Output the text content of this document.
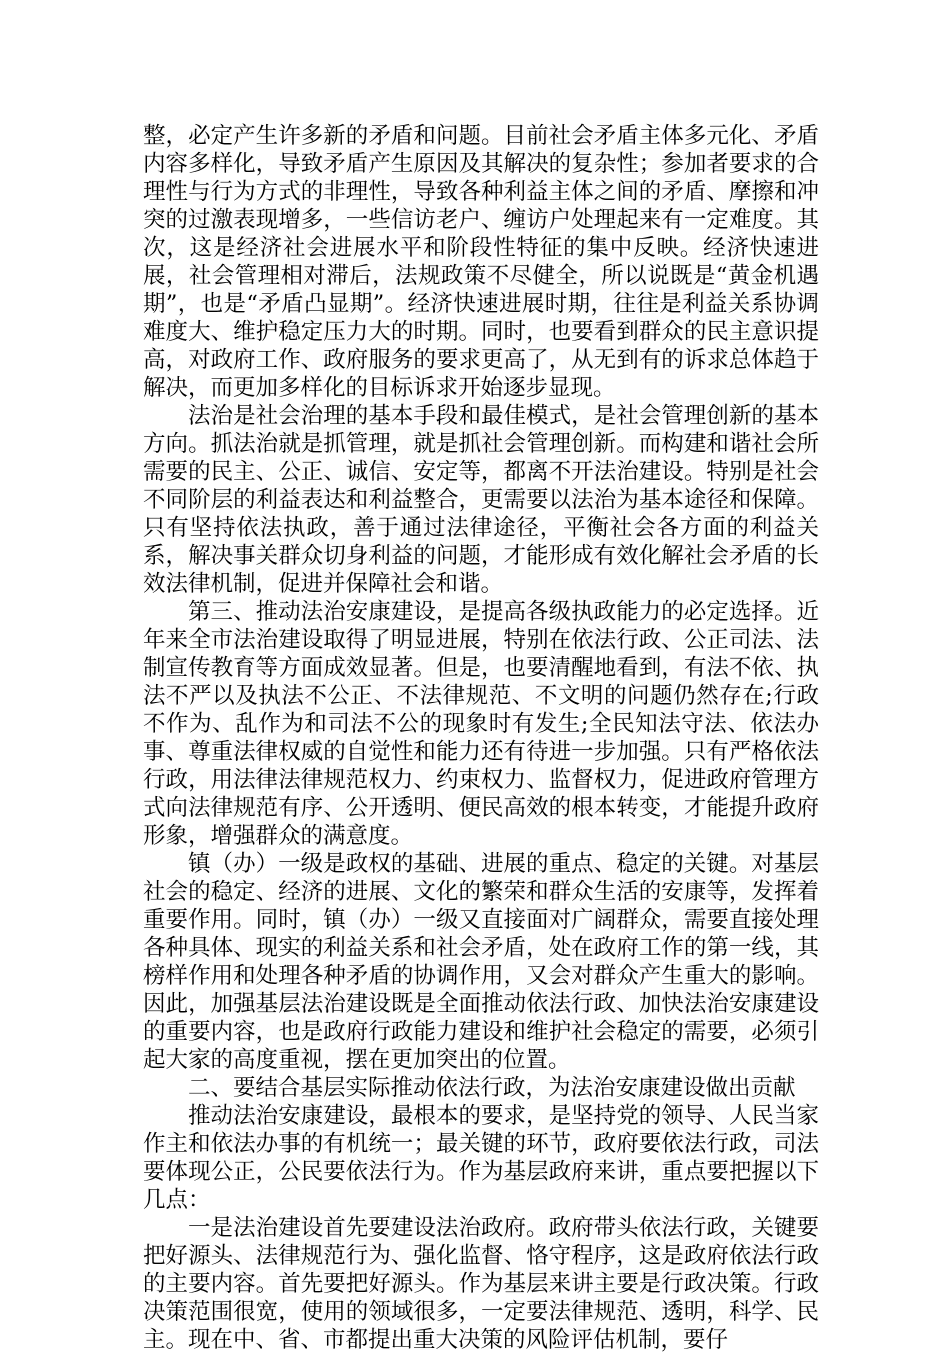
整，必定产生许多新的矛盾和问题。目前社会矛盾主体多元化、矛盾内容多样化，导致矛盾产生原因及其解决的复杂性；参加者要求的合理性与行为方式的非理性，导致各种利益主体之间的矛盾、摩擦和冲突的过激表现增多，一些信访老户、缠访户处理起来有一定难度。其次，这是经济社会进展水平和阶段性特征的集中反映。经济快速进展，社会管理相对滞后，法规政策不尽健全，所以说既是“黄金机遇期”，也是“矛盾凸显期”。经济快速进展时期，往往是利益关系协调难度大、维护稳定压力大的时期。同时，也要看到群众的民主意识提高，对政府工作、政府服务的要求更高了，从无到有的诉求总体趋于解决，而更加多样化的目标诉求开始逐步显现。

法治是社会治理的基本手段和最佳模式，是社会管理创新的基本方向。抓法治就是抓管理，就是抓社会管理创新。而构建和谐社会所需要的民主、公正、诚信、安定等，都离不开法治建设。特别是社会不同阶层的利益表达和利益整合，更需要以法治为基本途径和保障。只有坚持依法执政，善于通过法律途径，平衡社会各方面的利益关系，解决事关群众切身利益的问题，才能形成有效化解社会矛盾的长效法律机制，促进并保障社会和谐。

第三、推动法治安康建设，是提高各级执政能力的必定选择。近年来全市法治建设取得了明显进展，特别在依法行政、公正司法、法制宣传教育等方面成效显著。但是，也要清醒地看到，有法不依、执法不严以及执法不公正、不法律规范、不文明的问题仍然存在;行政不作为、乱作为和司法不公的现象时有发生;全民知法守法、依法办事、尊重法律权威的自觉性和能力还有待进一步加强。只有严格依法行政，用法律法律规范权力、约束权力、监督权力，促进政府管理方式向法律规范有序、公开透明、便民高效的根本转变，才能提升政府形象，增强群众的满意度。

镇（办）一级是政权的基础、进展的重点、稳定的关键。对基层社会的稳定、经济的进展、文化的繁荣和群众生活的安康等，发挥着重要作用。同时，镇（办）一级又直接面对广阔群众，需要直接处理各种具体、现实的利益关系和社会矛盾，处在政府工作的第一线，其榜样作用和处理各种矛盾的协调作用，又会对群众产生重大的影响。因此，加强基层法治建设既是全面推动依法行政、加快法治安康建设的重要内容，也是政府行政能力建设和维护社会稳定的需要，必须引起大家的高度重视，摆在更加突出的位置。

二、要结合基层实际推动依法行政，为法治安康建设做出贡献

推动法治安康建设，最根本的要求，是坚持党的领导、人民当家作主和依法办事的有机统一；最关键的环节，政府要依法行政，司法要体现公正，公民要依法行为。作为基层政府来讲，重点要把握以下几点：

一是法治建设首先要建设法治政府。政府带头依法行政，关键要把好源头、法律规范行为、强化监督、恪守程序，这是政府依法行政的主要内容。首先要把好源头。作为基层来讲主要是行政决策。行政决策范围很宽，使用的领域很多，一定要法律规范、透明，科学、民主。现在中、省、市都提出重大决策的风险评估机制，要仔
